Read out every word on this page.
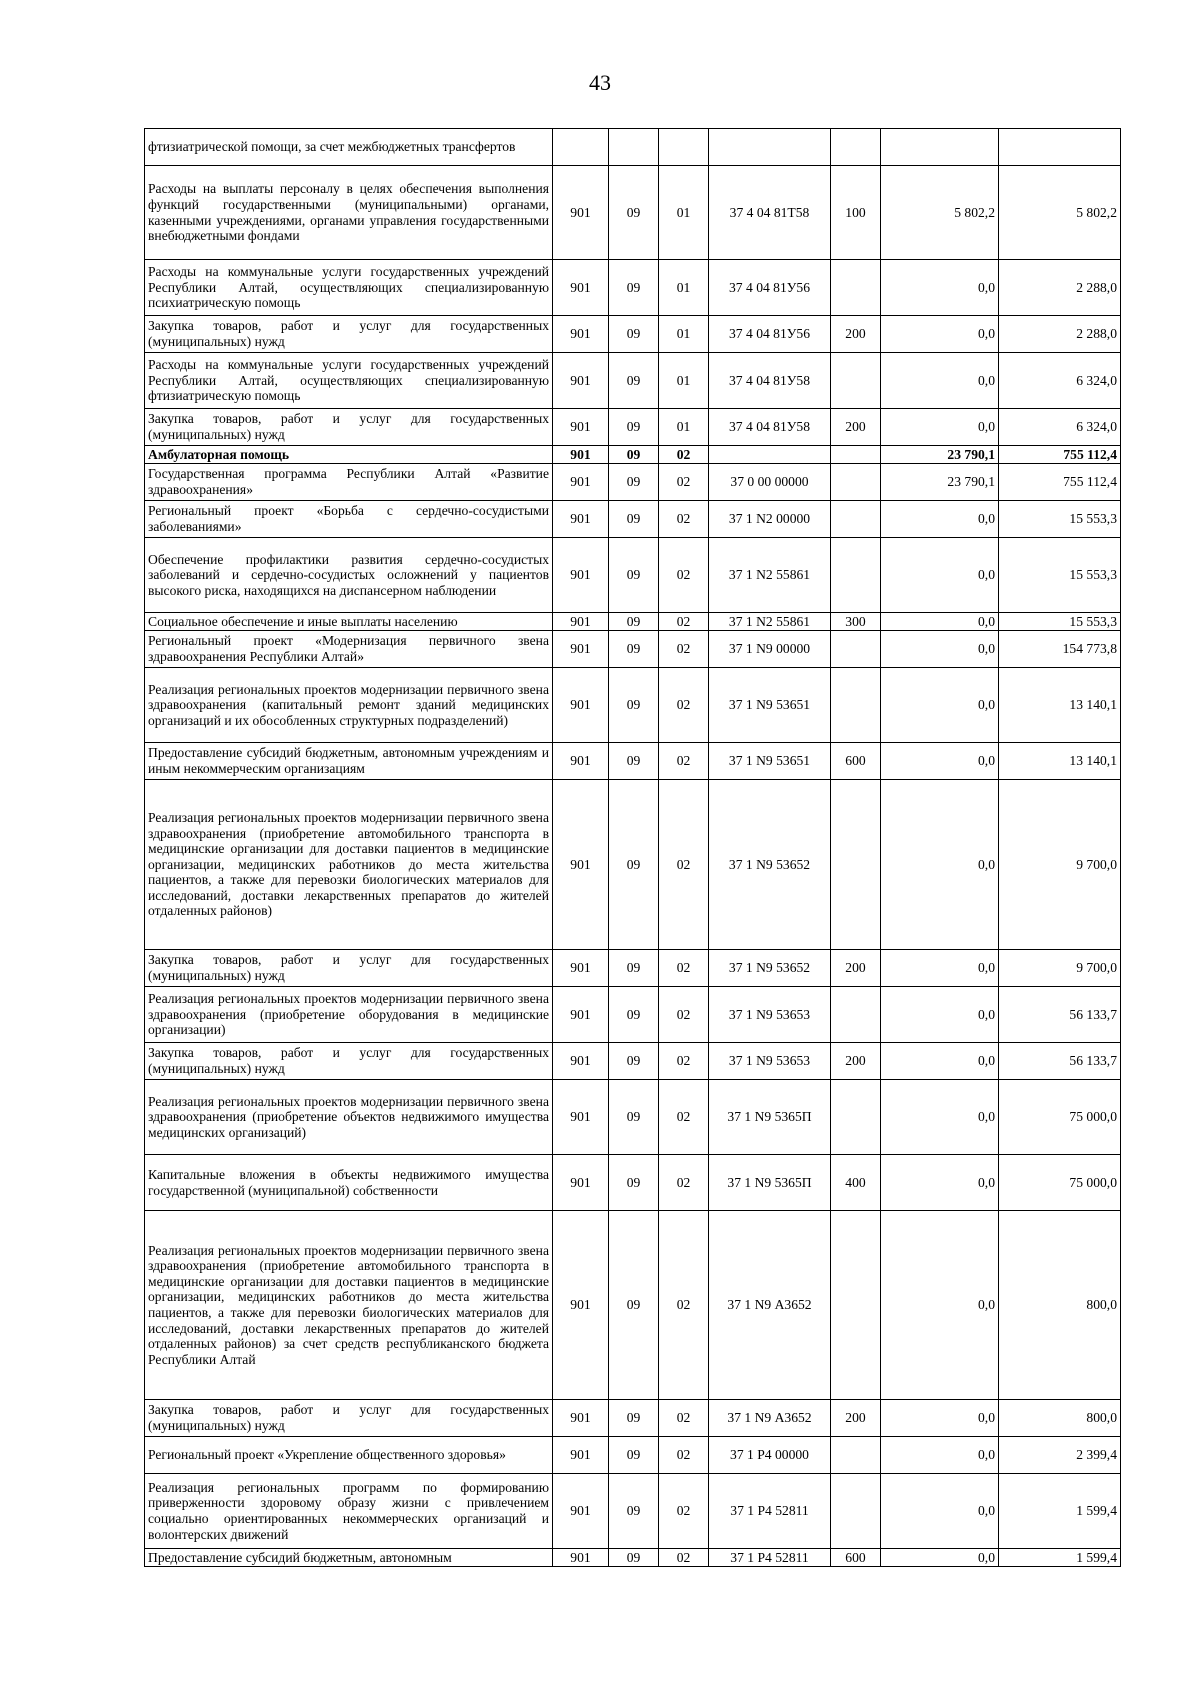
43
фтизиатрической помощи, за счет межбюджетных трансфертов							
Расходы на выплаты персоналу в целях обеспечения выполнения функций государственными (муниципальными) органами, казенными учреждениями, органами управления государственными внебюджетными фондами	901	09	01	37 4 04 81Т58	100	5 802,2	5 802,2
Расходы на коммунальные услуги государственных учреждений Республики Алтай, осуществляющих специализированную психиатрическую помощь	901	09	01	37 4 04 81У56		0,0	2 288,0
Закупка товаров, работ и услуг для государственных (муниципальных) нужд	901	09	01	37 4 04 81У56	200	0,0	2 288,0
Расходы на коммунальные услуги государственных учреждений Республики Алтай, осуществляющих специализированную фтизиатрическую помощь	901	09	01	37 4 04 81У58		0,0	6 324,0
Закупка товаров, работ и услуг для государственных (муниципальных) нужд	901	09	01	37 4 04 81У58	200	0,0	6 324,0
Амбулаторная помощь	901	09	02			23 790,1	755 112,4
Государственная программа Республики Алтай «Развитие здравоохранения»	901	09	02	37 0 00 00000		23 790,1	755 112,4
Региональный проект «Борьба с сердечно-сосудистыми заболеваниями»	901	09	02	37 1 N2 00000		0,0	15 553,3
Обеспечение профилактики развития сердечно-сосудистых заболеваний и сердечно-сосудистых осложнений у пациентов высокого риска, находящихся на диспансерном наблюдении	901	09	02	37 1 N2 55861		0,0	15 553,3
Социальное обеспечение и иные выплаты населению	901	09	02	37 1 N2 55861	300	0,0	15 553,3
Региональный проект «Модернизация первичного звена здравоохранения Республики Алтай»	901	09	02	37 1 N9 00000		0,0	154 773,8
Реализация региональных проектов модернизации первичного звена здравоохранения (капитальный ремонт зданий медицинских организаций и их обособленных структурных подразделений)	901	09	02	37 1 N9 53651		0,0	13 140,1
Предоставление субсидий бюджетным, автономным учреждениям и иным некоммерческим организациям	901	09	02	37 1 N9 53651	600	0,0	13 140,1
Реализация региональных проектов модернизации первичного звена здравоохранения (приобретение автомобильного транспорта в медицинские организации для доставки пациентов в медицинские организации, медицинских работников до места жительства пациентов, а также для перевозки биологических материалов для исследований, доставки лекарственных препаратов до жителей отдаленных районов)	901	09	02	37 1 N9 53652		0,0	9 700,0
Закупка товаров, работ и услуг для государственных (муниципальных) нужд	901	09	02	37 1 N9 53652	200	0,0	9 700,0
Реализация региональных проектов модернизации первичного звена здравоохранения (приобретение оборудования в медицинские организации)	901	09	02	37 1 N9 53653		0,0	56 133,7
Закупка товаров, работ и услуг для государственных (муниципальных) нужд	901	09	02	37 1 N9 53653	200	0,0	56 133,7
Реализация региональных проектов модернизации первичного звена здравоохранения (приобретение объектов недвижимого имущества медицинских организаций)	901	09	02	37 1 N9 5365П		0,0	75 000,0
Капитальные вложения в объекты недвижимого имущества государственной (муниципальной) собственности	901	09	02	37 1 N9 5365П	400	0,0	75 000,0
Реализация региональных проектов модернизации первичного звена здравоохранения (приобретение автомобильного транспорта в медицинские организации для доставки пациентов в медицинские организации, медицинских работников до места жительства пациентов, а также для перевозки биологических материалов для исследований, доставки лекарственных препаратов до жителей отдаленных районов) за счет средств республиканского бюджета Республики Алтай	901	09	02	37 1 N9 А3652		0,0	800,0
Закупка товаров, работ и услуг для государственных (муниципальных) нужд	901	09	02	37 1 N9 А3652	200	0,0	800,0
Региональный проект «Укрепление общественного здоровья»	901	09	02	37 1 Р4 00000		0,0	2 399,4
Реализация региональных программ по формированию приверженности здоровому образу жизни с привлечением социально ориентированных некоммерческих организаций и волонтерских движений	901	09	02	37 1 Р4 52811		0,0	1 599,4
Предоставление субсидий бюджетным, автономным	901	09	02	37 1 Р4 52811	600	0,0	1 599,4
